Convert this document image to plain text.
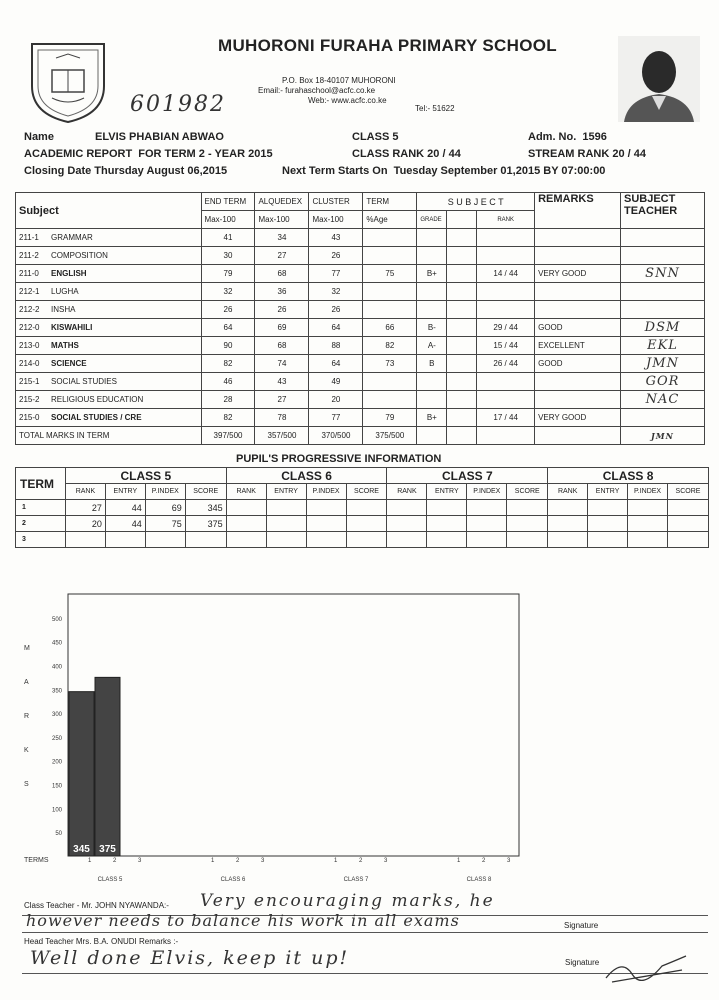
601982
MUHORONI FURAHA PRIMARY SCHOOL
P.O. Box 18-40107 MUHORONI
Email:- furahaschool@acfc.co.ke
Web:- www.acfc.co.ke
Tel:- 51622
Name	ELVIS PHABIAN ABWAO	CLASS 5	Adm. No.  1596
ACADEMIC REPORT  FOR TERM 2 - YEAR 2015	CLASS RANK 20 / 44	STREAM RANK 20 / 44
Closing Date Thursday August 06,2015	Next Term Starts On  Tuesday September 01,2015 BY 07:00:00
Subject	END TERM	ALQUEDEX	CLUSTER	TERM	S U B J E C T			REMARKS	SUBJECT
TEACHER

	Max-100	Max-100	Max-100	%Age	GRADE		RANK		
211-1 GRAMMAR	41	34	43						
211-2 COMPOSITION	30	27	26						
211-0 ENGLISH	79	68	77	75	B+		14 / 44	VERY GOOD	SNN
212-1 LUGHA	32	36	32						
212-2 INSHA	26	26	26						
212-0 KISWAHILI	64	69	64	66	B-		29 / 44	GOOD	DSM
213-0 MATHS	90	68	88	82	A-		15 / 44	EXCELLENT	EKL
214-0 SCIENCE	82	74	64	73	B		26 / 44	GOOD	JMN
215-1 SOCIAL STUDIES	46	43	49						GOR
215-2 RELIGIOUS EDUCATION	28	27	20						NAC
215-0 SOCIAL STUDIES / CRE	82	78	77	79	B+		17 / 44	VERY GOOD	
TOTAL MARKS IN TERM	397/500	357/500	370/500	375/500					JMN
PUPIL'S PROGRESSIVE INFORMATION
TERM	CLASS 5				CLASS 6				CLASS 7				CLASS 8			
	RANK	ENTRY	P.INDEX	SCORE	RANK	ENTRY	P.INDEX	SCORE	RANK	ENTRY	P.INDEX	SCORE	RANK	ENTRY	P.INDEX	SCORE
1	27	44	69	345												
2	20	44	75	375												
3																
50
100
150
200
250
300
350
400
450
500
M
A
R
K
S
TERMS	1	2	3
CLASS 5
1	2	3
CLASS 6
1	2	3
CLASS 7
1	2	3
CLASS 8
345 375
Class Teacher - Mr. JOHN NYAWANDA:- Very encouraging marks, he
however needs to balance his work in all exams	Signature
Head Teacher Mrs. B.A. ONUDI Remarks :-
Well done Elvis, keep it up!	Signature
